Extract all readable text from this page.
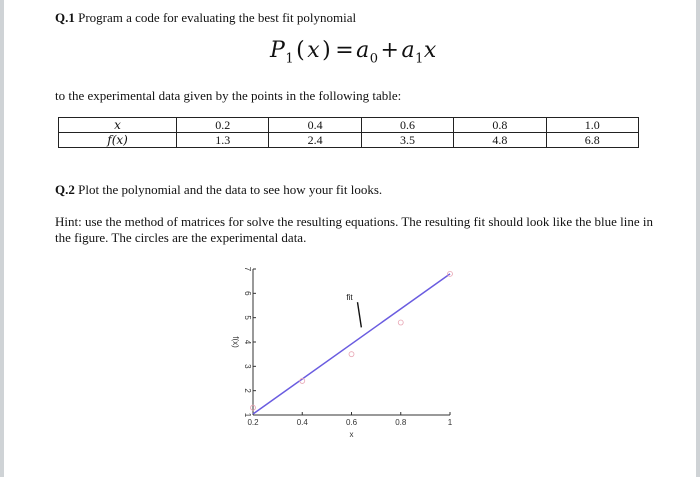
Q.1 Program a code for evaluating the best fit polynomial
$P_1(x) =a_0+a_1x$
to the experimental data given by the points in the following table:
x	0.2	0.4	0.6	0.8	1.0
f(x)	1.3	2.4	3.5	4.8	6.8
Q.2 Plot the polynomial and the data to see how your fit looks.
Hint: use the method of matrices for solve the resulting equations. The resulting fit should look like the blue line in the figure. The circles are the experimental data.
1
2
3
4
5
6
7
0.2	0.4	0.6	0.8	1
x
f(x)
fit
